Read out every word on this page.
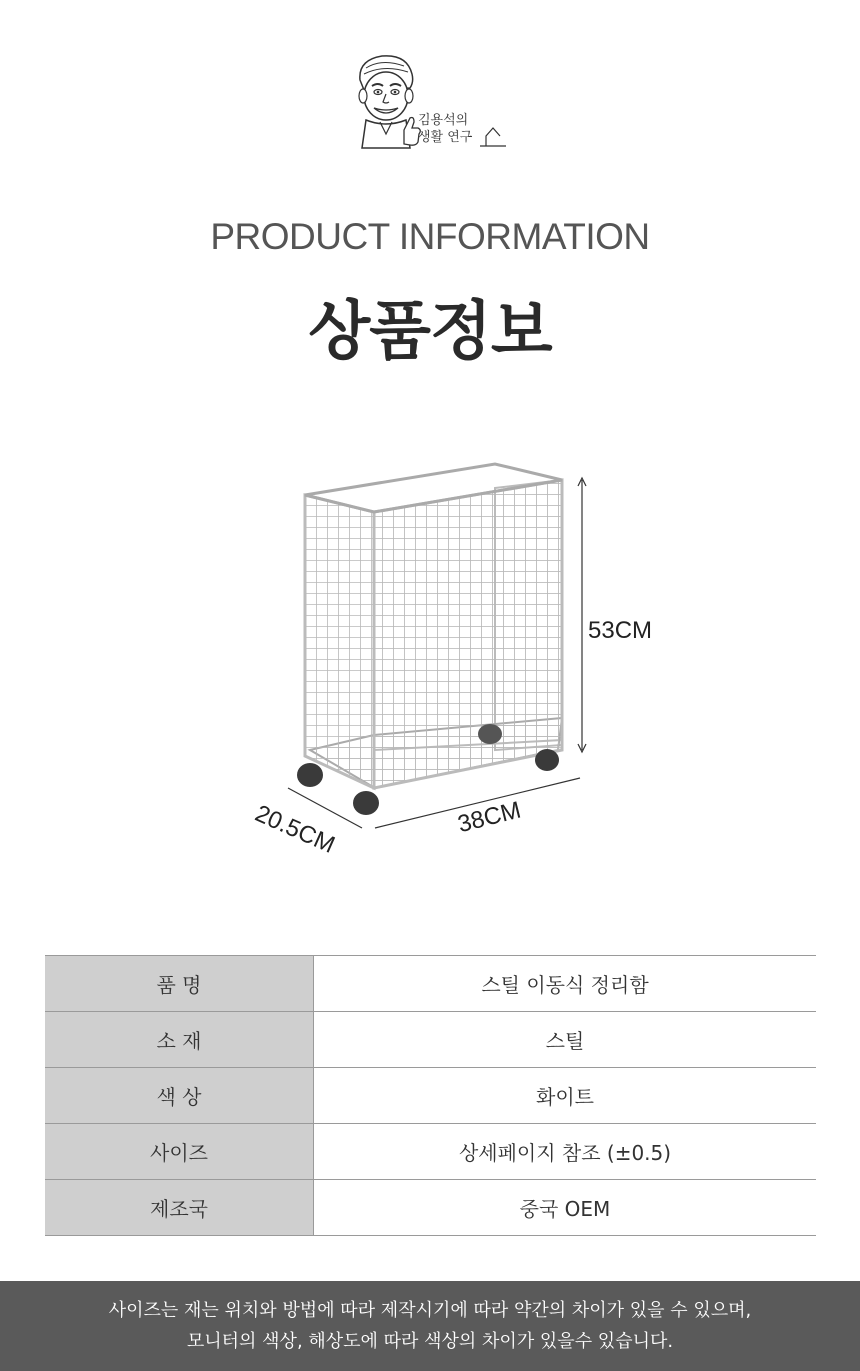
김용석의
생활 연구
PRODUCT INFORMATION
상품정보
53CM
38CM
20.5CM
품 명	스틸 이동식 정리함
소 재	스틸
색 상	화이트
사이즈	상세페이지 참조 (±0.5)
제조국	중국 OEM
사이즈는 재는 위치와 방법에 따라 제작시기에 따라 약간의 차이가 있을 수 있으며,
모니터의 색상, 해상도에 따라 색상의 차이가 있을수 있습니다.
